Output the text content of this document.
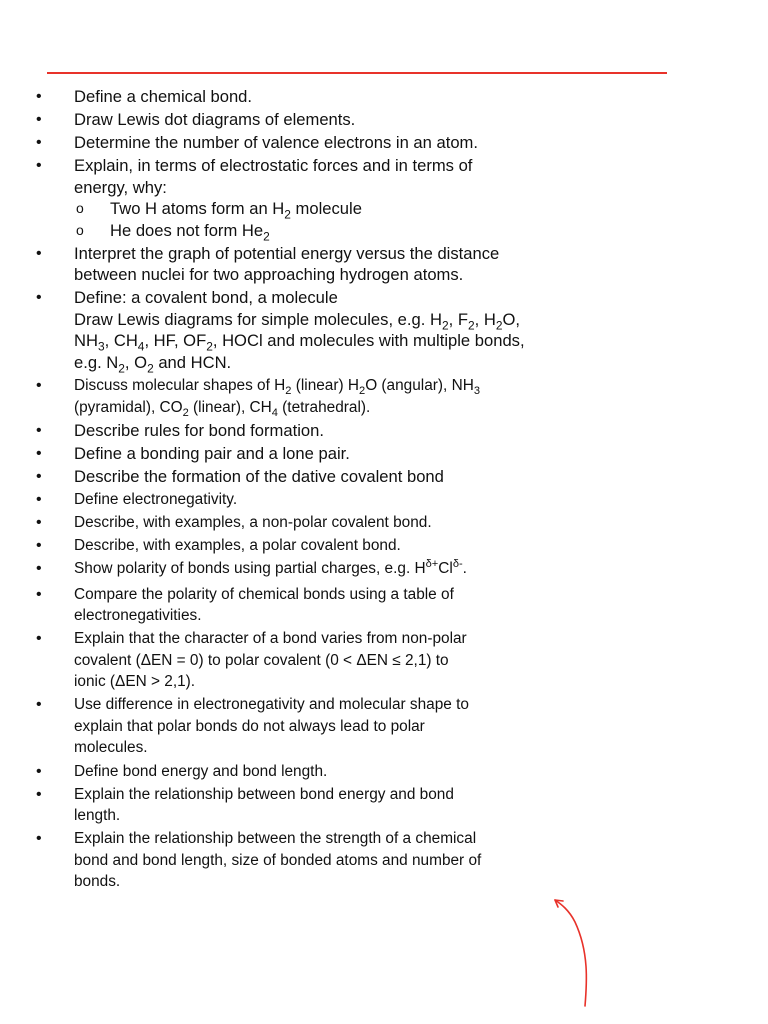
• Define a chemical bond.
• Draw Lewis dot diagrams of elements.
• Determine the number of valence electrons in an atom.
• Explain, in terms of electrostatic forces and in terms of
energy, why:
o Two H atoms form an $H_2$ molecule
o He does not form $He_2$
• Interpret the graph of potential energy versus the distance
between nuclei for two approaching hydrogen atoms.
• Define: a covalent bond, a molecule
Draw Lewis diagrams for simple molecules, e.g. $H_2$, $F_2$, $H_2O$,
$NH_3$, $CH_4$, HF, $OF_2$, HOCl and molecules with multiple bonds,
e.g. $N_2$, $O_2$ and HCN.
• Discuss molecular shapes of $H_2$ (linear) $H_2O$ (angular), $NH_3$
(pyramidal), $CO_2$ (linear), $CH_4$ (tetrahedral).
• Describe rules for bond formation.
• Define a bonding pair and a lone pair.
• Describe the formation of the dative covalent bond
• Define electronegativity.
• Describe, with examples, a non-polar covalent bond.
• Describe, with examples, a polar covalent bond.
• Show polarity of bonds using partial charges, e.g. $H^{\delta+}Cl^{\delta-}$.
• Compare the polarity of chemical bonds using a table of
electronegativities.
• Explain that the character of a bond varies from non-polar
covalent (ΔEN = 0) to polar covalent (0 < ΔEN ≤ 2,1) to
ionic (ΔEN > 2,1).
• Use difference in electronegativity and molecular shape to
explain that polar bonds do not always lead to polar
molecules.
• Define bond energy and bond length.
• Explain the relationship between bond energy and bond
length.
• Explain the relationship between the strength of a chemical
bond and bond length, size of bonded atoms and number of
bonds.
